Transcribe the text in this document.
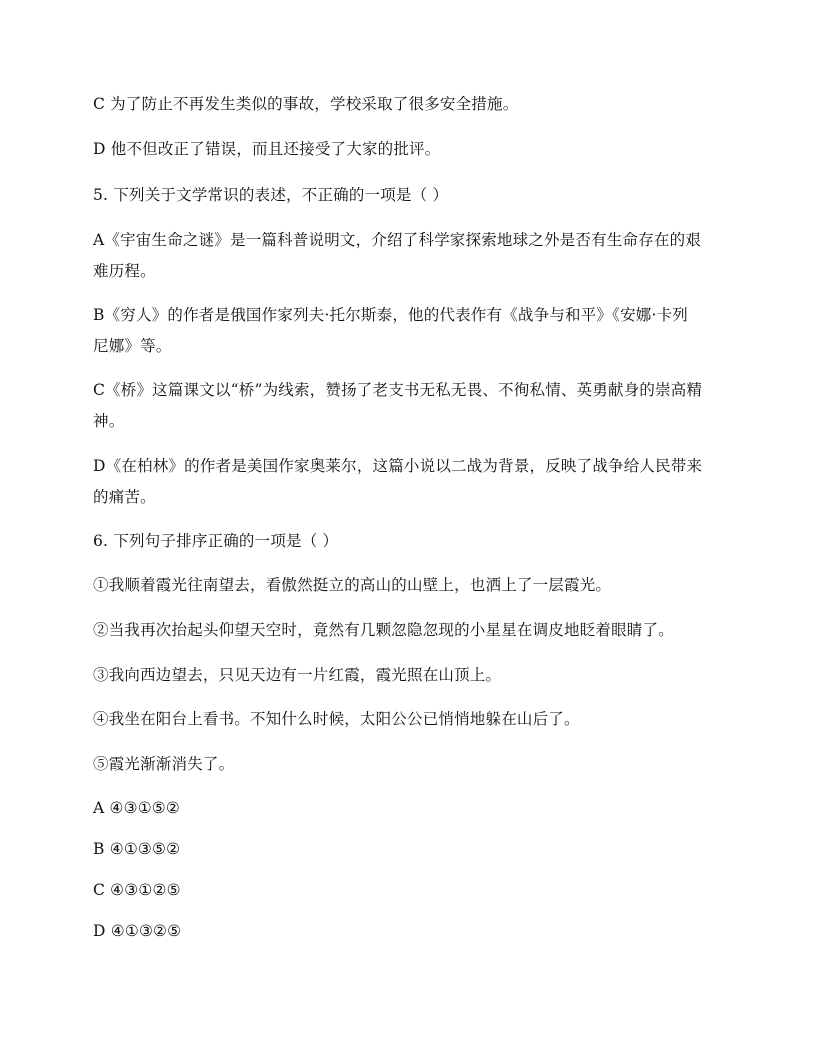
C 为了防止不再发生类似的事故，学校采取了很多安全措施。
D 他不但改正了错误，而且还接受了大家的批评。
5. 下列关于文学常识的表述，不正确的一项是（ ）
A《宇宙生命之谜》是一篇科普说明文，介绍了科学家探索地球之外是否有生命存在的艰
难历程。
B《穷人》的作者是俄国作家列夫·托尔斯泰，他的代表作有《战争与和平》《安娜·卡列
尼娜》等。
C《桥》这篇课文以“桥”为线索，赞扬了老支书无私无畏、不徇私情、英勇献身的崇高精
神。
D《在柏林》的作者是美国作家奥莱尔，这篇小说以二战为背景，反映了战争给人民带来
的痛苦。
6. 下列句子排序正确的一项是（ ）
①我顺着霞光往南望去，看傲然挺立的高山的山壁上，也洒上了一层霞光。
②当我再次抬起头仰望天空时，竟然有几颗忽隐忽现的小星星在调皮地眨着眼睛了。
③我向西边望去，只见天边有一片红霞，霞光照在山顶上。
④我坐在阳台上看书。不知什么时候，太阳公公已悄悄地躲在山后了。
⑤霞光渐渐消失了。
A ④③①⑤②
B ④①③⑤②
C ④③①②⑤
D ④①③②⑤
